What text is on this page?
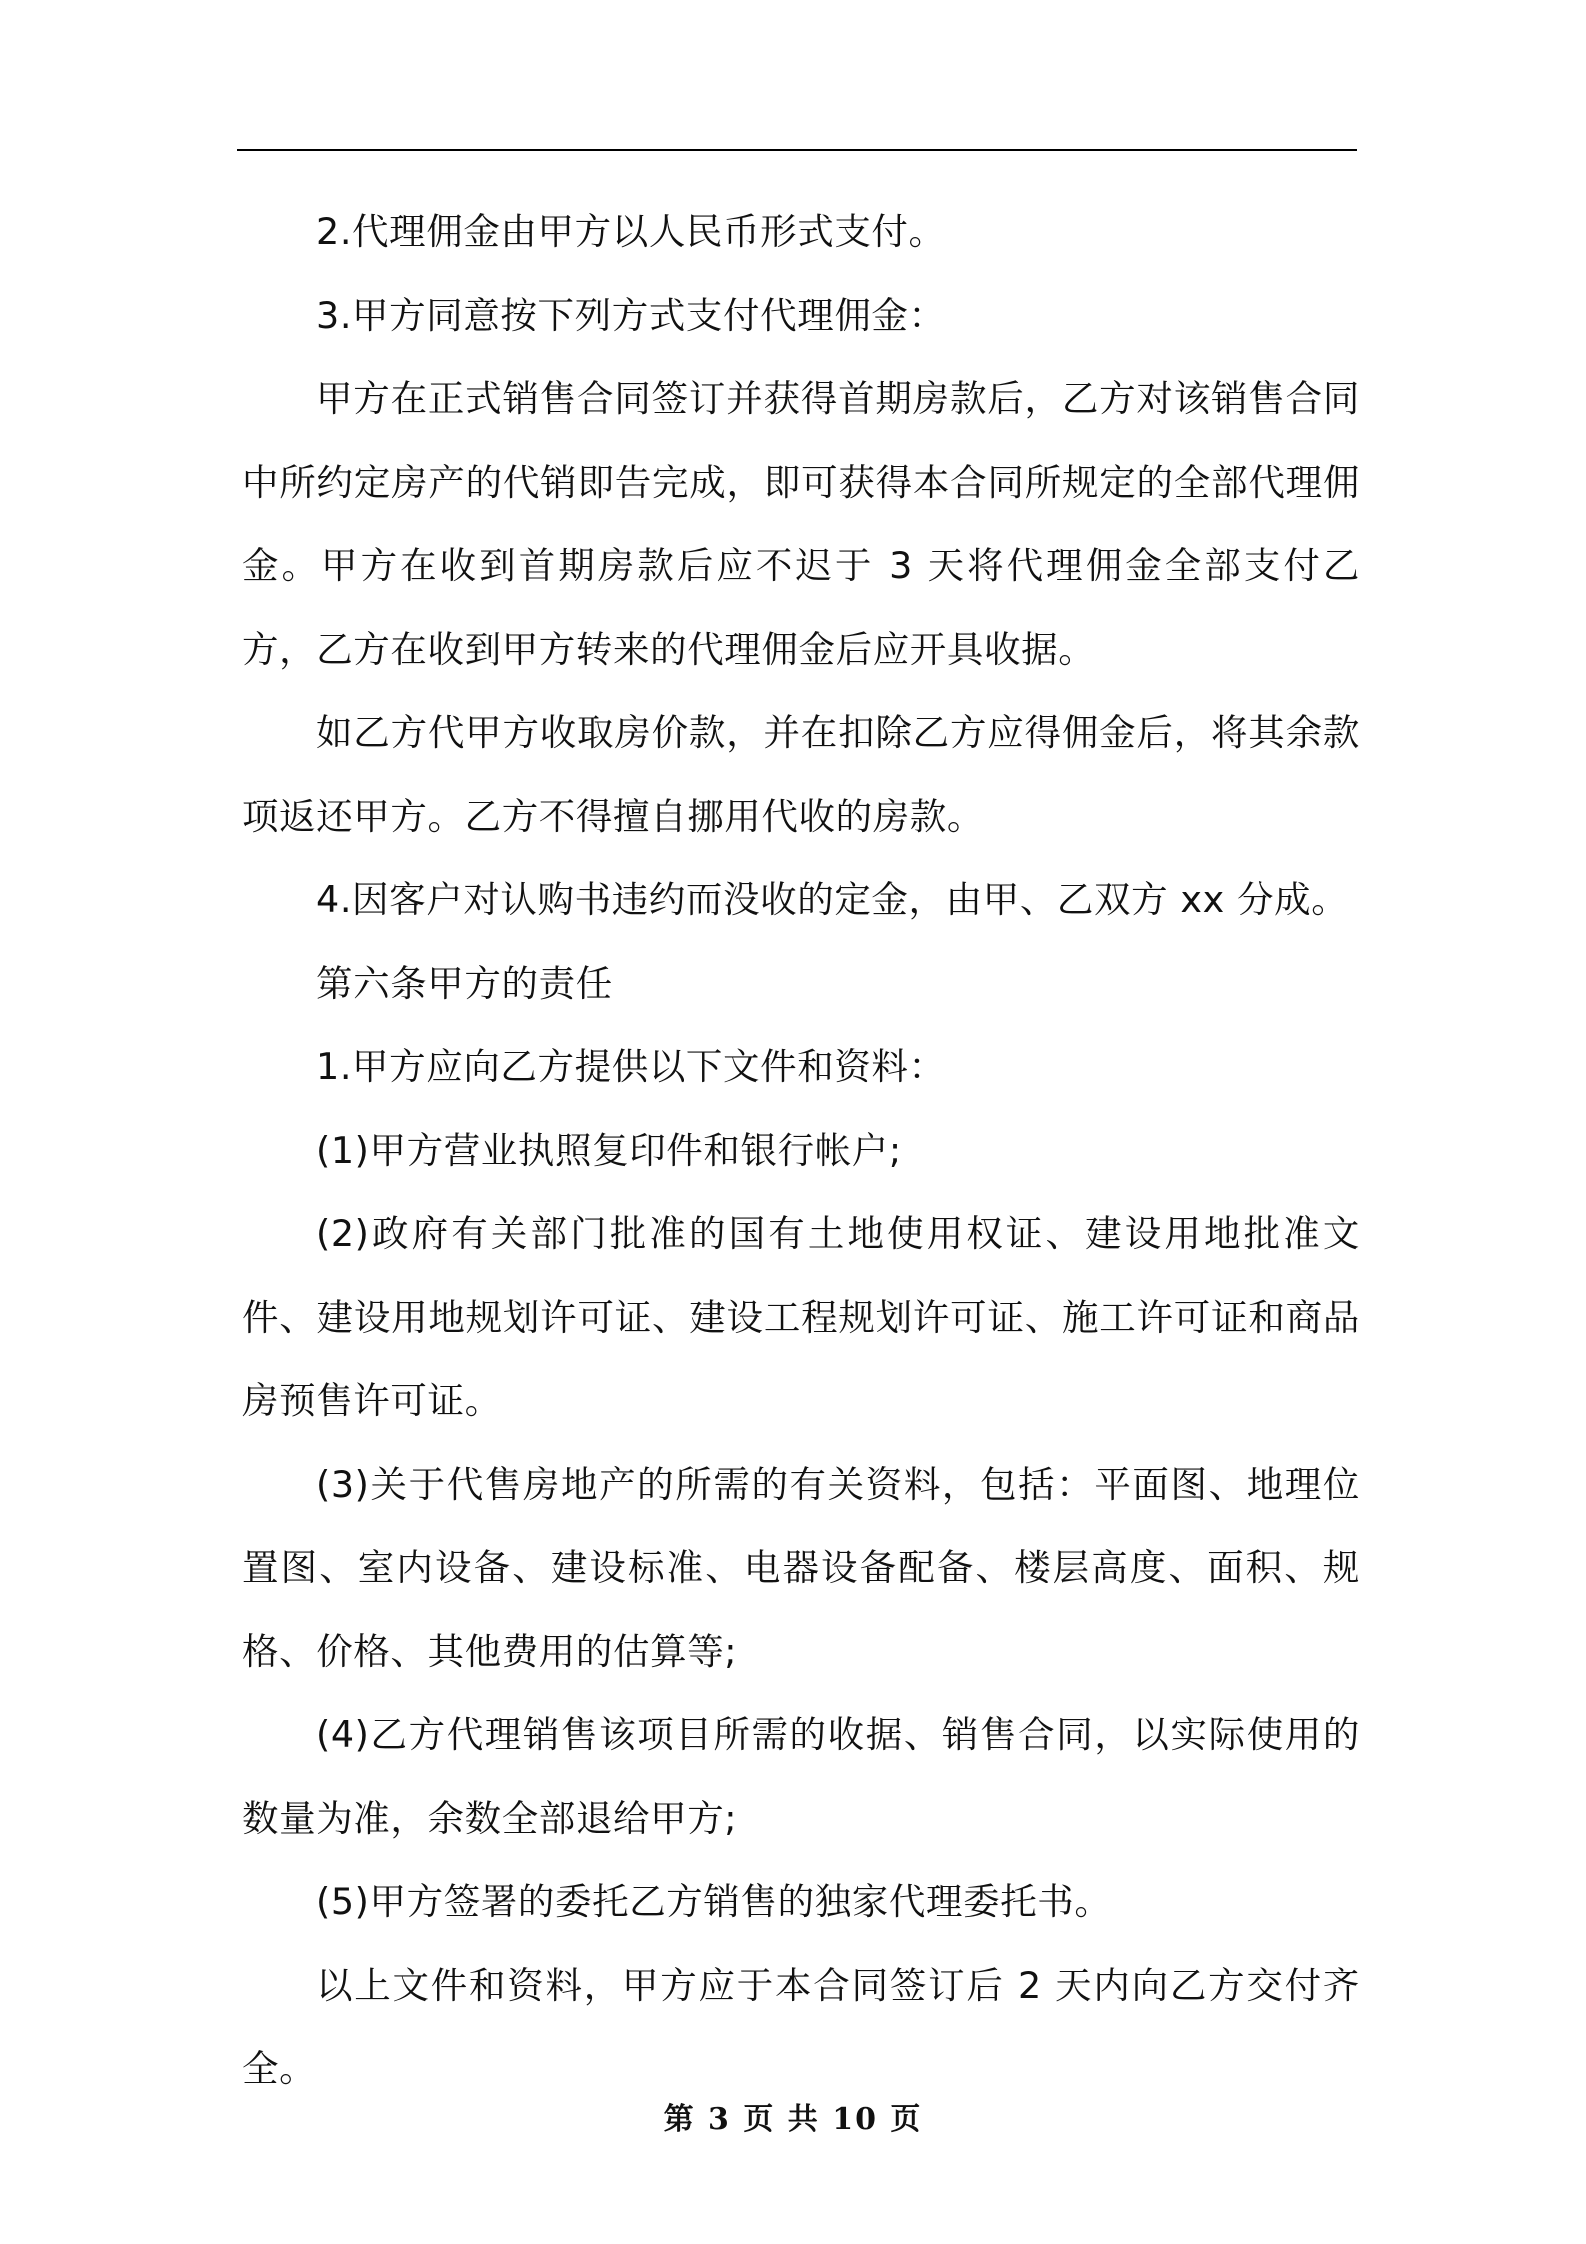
2.代理佣金由甲方以人民币形式支付。

3.甲方同意按下列方式支付代理佣金：

甲方在正式销售合同签订并获得首期房款后，乙方对该销售合同中所约定房产的代销即告完成，即可获得本合同所规定的全部代理佣金。甲方在收到首期房款后应不迟于 3 天将代理佣金全部支付乙方，乙方在收到甲方转来的代理佣金后应开具收据。

如乙方代甲方收取房价款，并在扣除乙方应得佣金后，将其余款项返还甲方。乙方不得擅自挪用代收的房款。

4.因客户对认购书违约而没收的定金，由甲、乙双方 xx 分成。

第六条甲方的责任

1.甲方应向乙方提供以下文件和资料：

(1)甲方营业执照复印件和银行帐户;

(2)政府有关部门批准的国有土地使用权证、建设用地批准文件、建设用地规划许可证、建设工程规划许可证、施工许可证和商品房预售许可证。

(3)关于代售房地产的所需的有关资料，包括：平面图、地理位置图、室内设备、建设标准、电器设备配备、楼层高度、面积、规格、价格、其他费用的估算等;

(4)乙方代理销售该项目所需的收据、销售合同，以实际使用的数量为准，余数全部退给甲方;

(5)甲方签署的委托乙方销售的独家代理委托书。

以上文件和资料，甲方应于本合同签订后 2 天内向乙方交付齐全。

第 3 页 共 10 页
